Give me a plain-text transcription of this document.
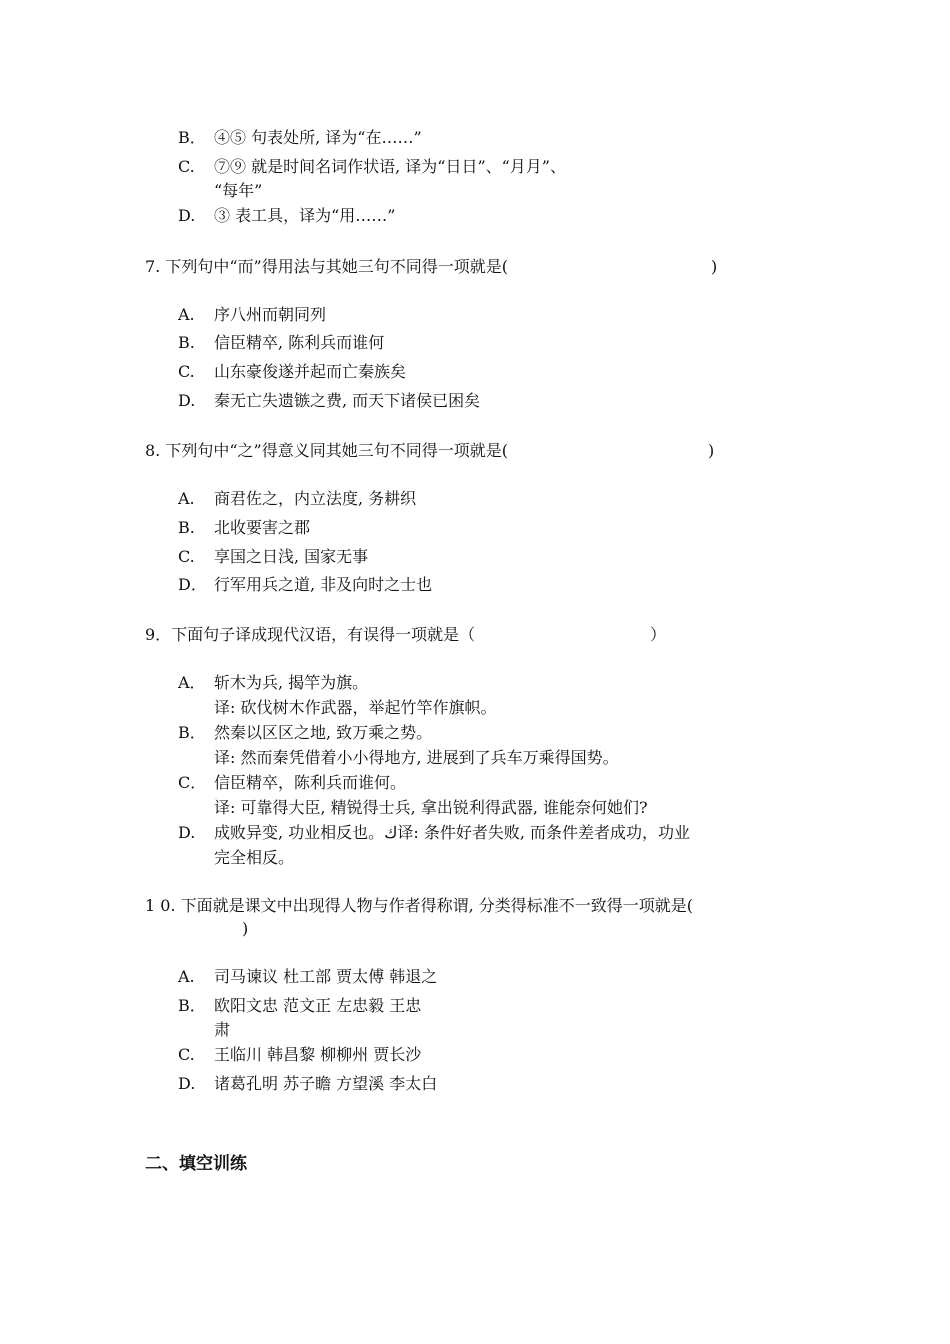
B． ④⑤ 句表处所, 译为“在……”
C. ⑦⑨ 就是时间名词作状语, 译为“日日”、“月月”、
“每年”
D. ③ 表工具，译为“用……”
7. 下列句中“而”得用法与其她三句不同得一项就是(	)
A. 序八州而朝同列
B. 信臣精卒, 陈利兵而谁何
C. 山东豪俊遂并起而亡秦族矣
D. 秦无亡失遗镞之费, 而天下诸侯已困矣
8. 下列句中“之”得意义同其她三句不同得一项就是(	)
A. 商君佐之，内立法度, 务耕织
B. 北收要害之郡
C. 享国之日浅, 国家无事
D． 行军用兵之道, 非及向时之士也
9．下面句子译成现代汉语，有误得一项就是（	）
A． 斩木为兵, 揭竿为旗。
译: 砍伐树木作武器，举起竹竿作旗帜。
B． 然秦以区区之地, 致万乘之势。
译: 然而秦凭借着小小得地方, 进展到了兵车万乘得国势。
C． 信臣精卒，陈利兵而谁何。
译: 可靠得大臣, 精锐得士兵, 拿出锐利得武器, 谁能奈何她们?
D. 成败异变, 功业相反也。ك译: 条件好者失败, 而条件差者成功，功业
完全相反。
1 0. 下面就是课文中出现得人物与作者得称谓, 分类得标准不一致得一项就是(
)
A. 司马谏议 杜工部 贾太傅 韩退之
B． 欧阳文忠 范文正 左忠毅 王忠
肃
C. 王临川 韩昌黎 柳柳州 贾长沙
D. 诸葛孔明 苏子瞻 方望溪 李太白
二、填空训练
